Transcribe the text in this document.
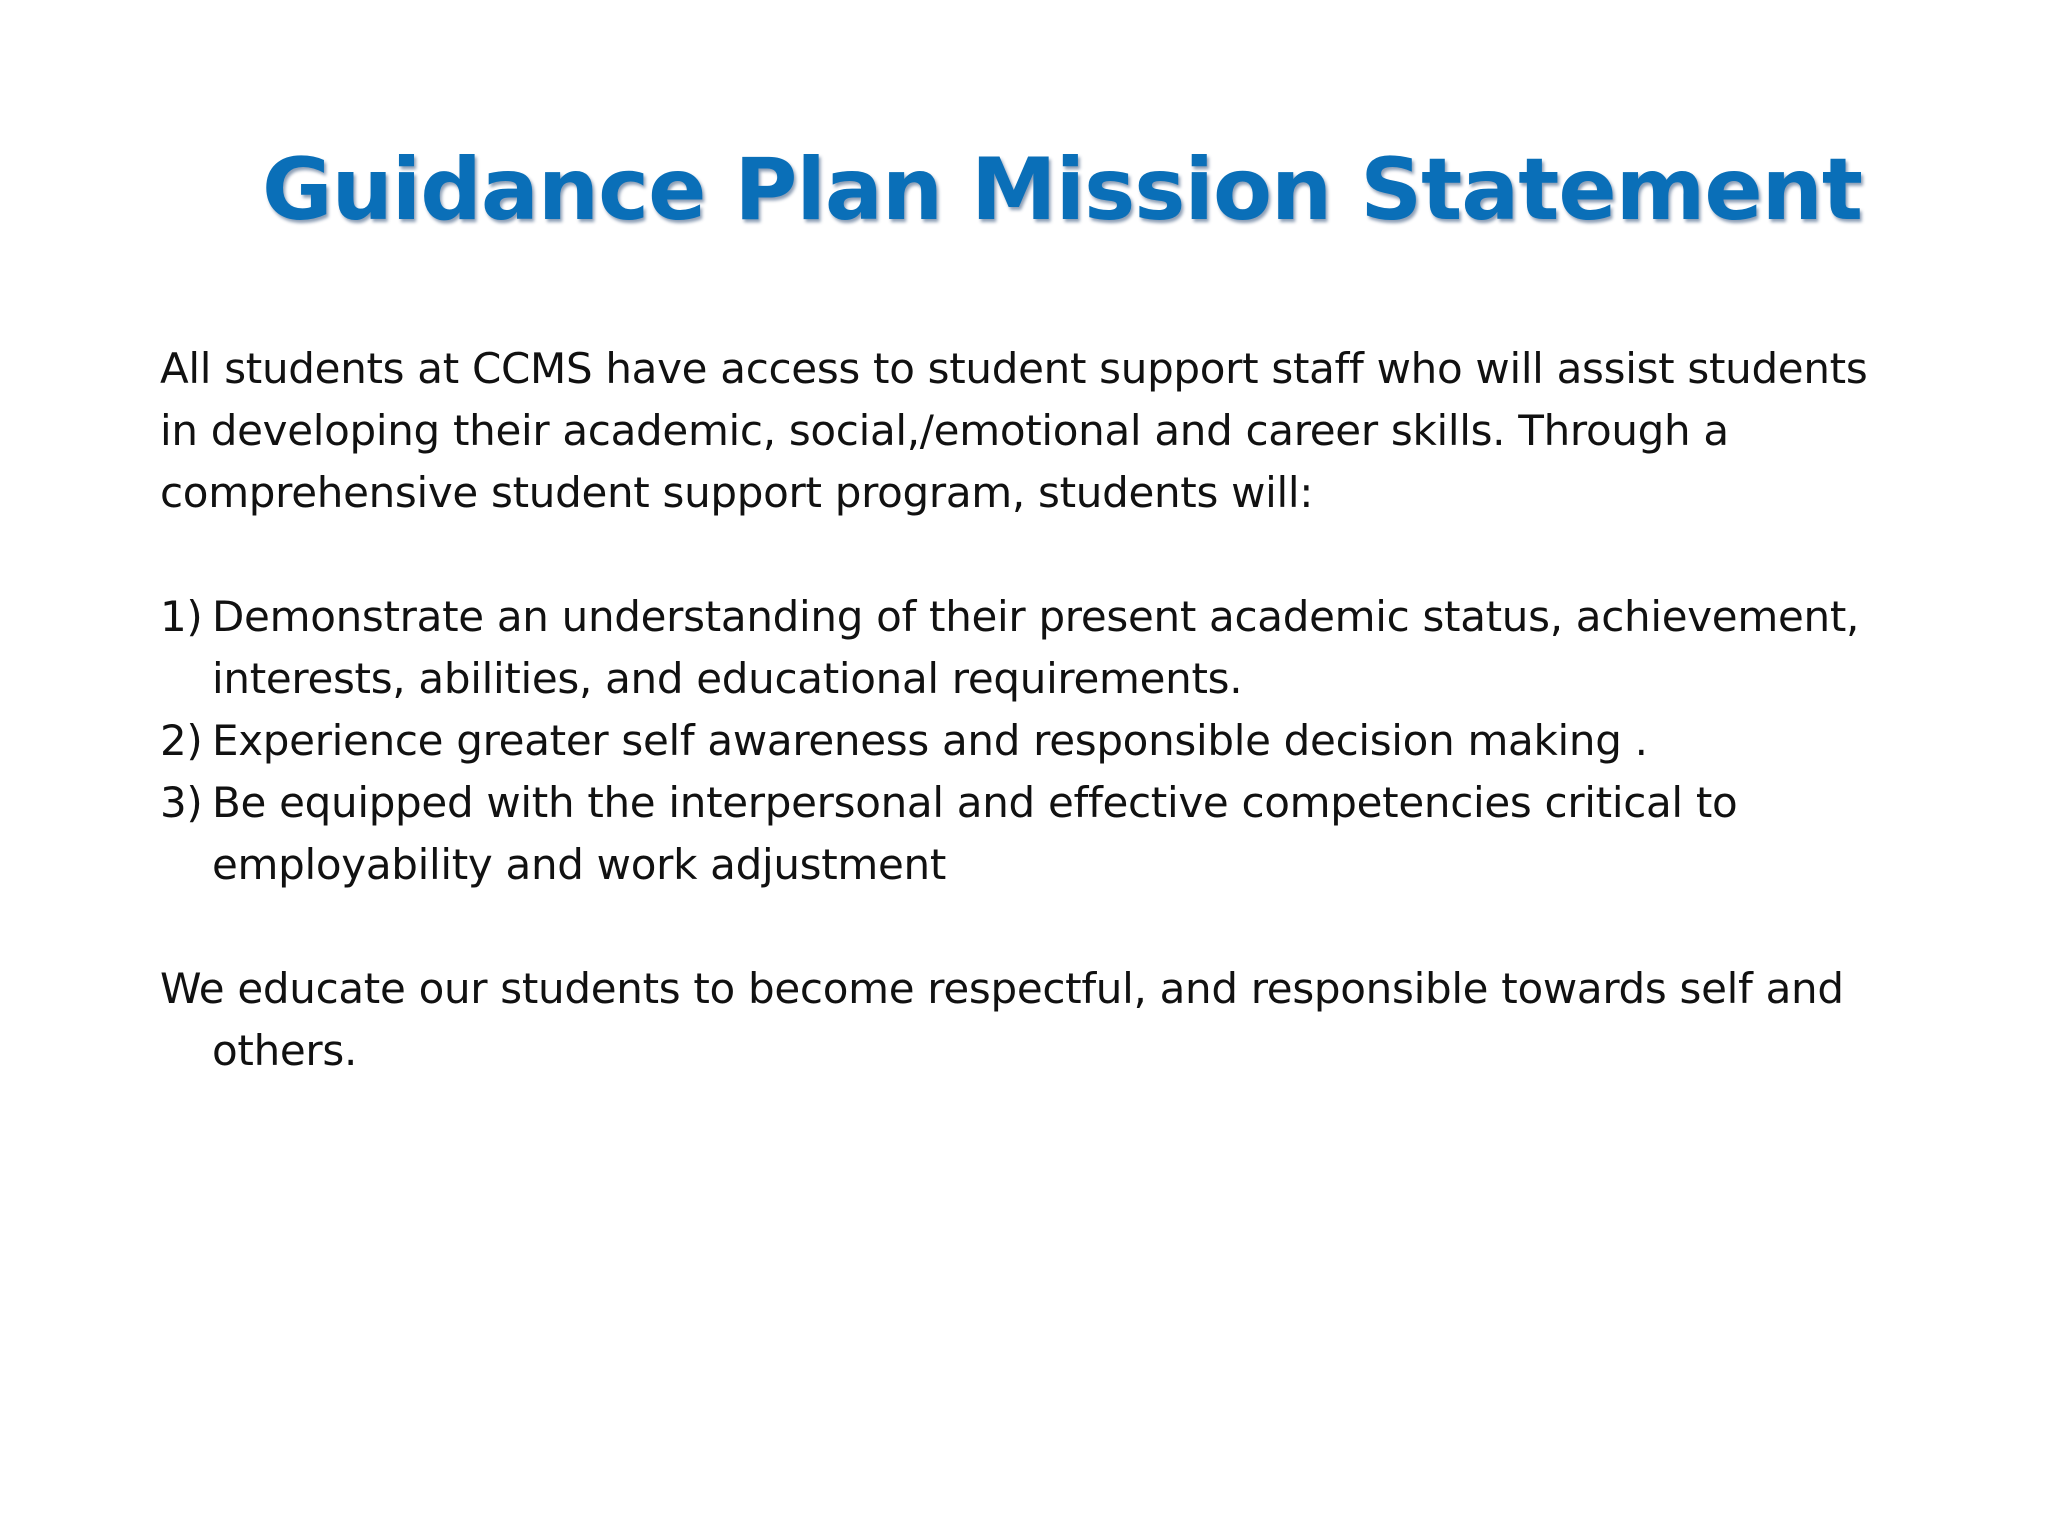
Guidance Plan Mission Statement

All students at CCMS have access to student support staff who will assist students in developing their academic, social,/emotional and career skills. Through a comprehensive student support program, students will:

1) Demonstrate an understanding of their present academic status, achievement, interests, abilities, and educational requirements.
2) Experience greater self awareness and responsible decision making .
3) Be equipped with the interpersonal and effective competencies critical to employability and work adjustment

We educate our students to become respectful, and responsible towards self and others.
